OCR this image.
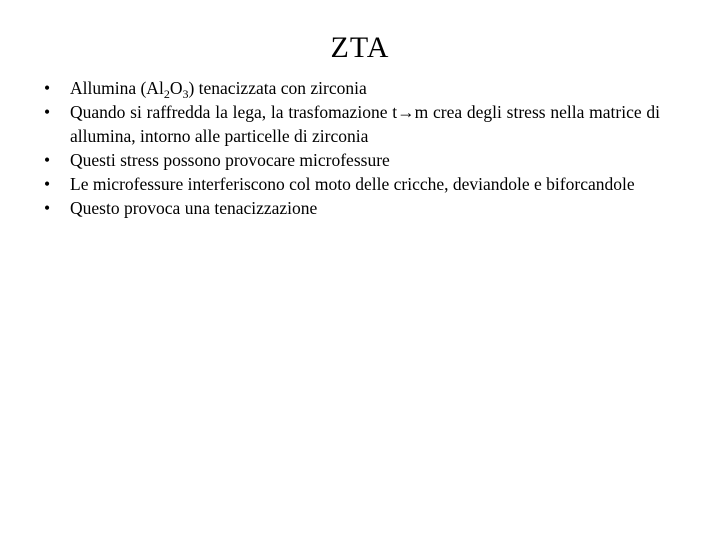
ZTA
•	Allumina $(Al_2O_3)$ tenacizzata con zirconia
•	Quando si raffredda la lega, la trasfomazione t→m crea degli stress nella matrice di allumina, intorno alle particelle di zirconia
•	Questi stress possono provocare microfessure
•	Le microfessure interferiscono col moto delle cricche, deviandole e biforcandole
•	Questo provoca una tenacizzazione
